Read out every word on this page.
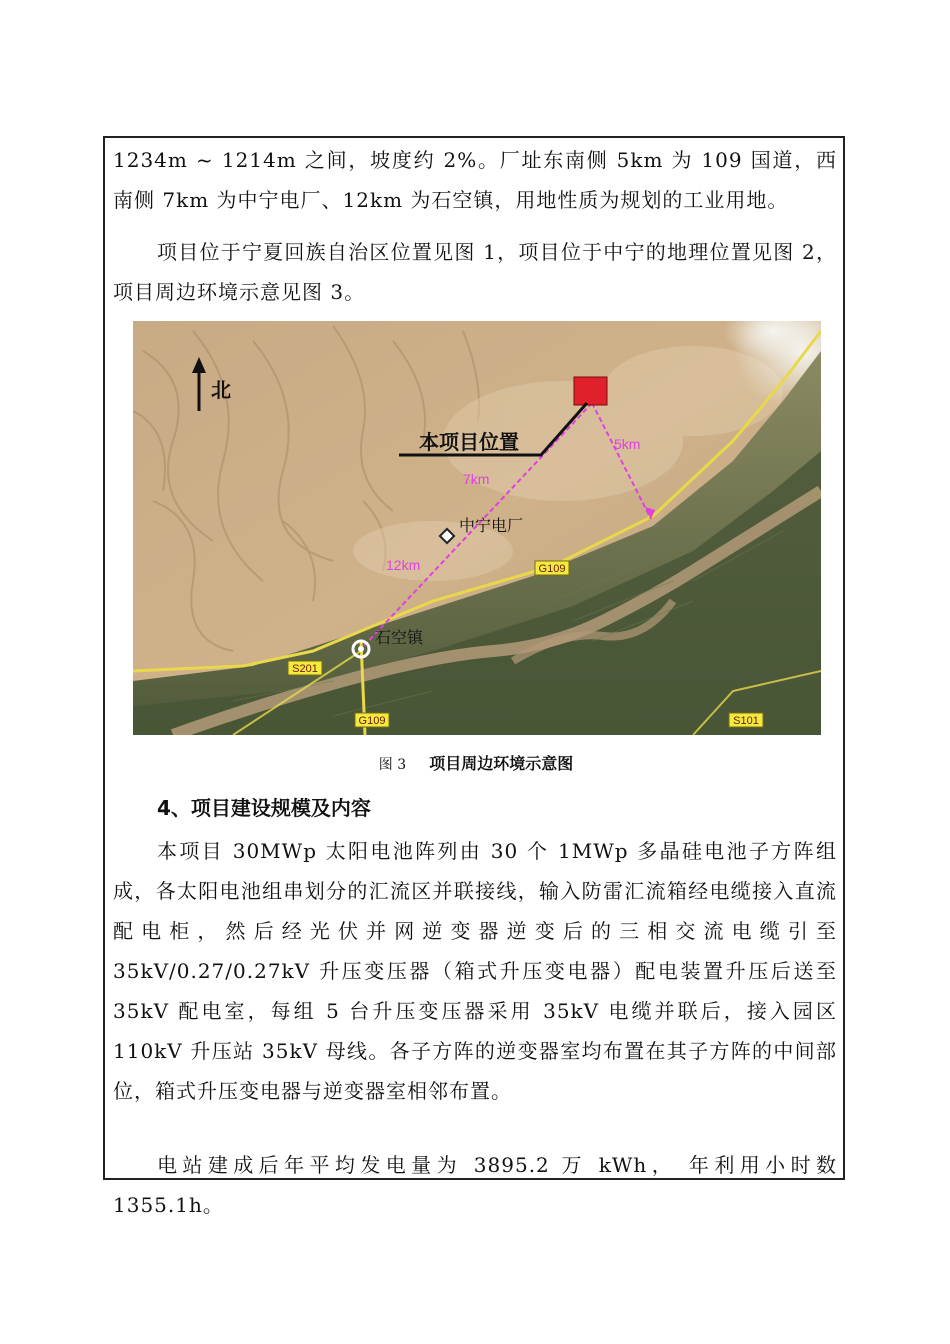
1234m ~ 1214m 之间，坡度约 2%。厂址东南侧 5km 为 109 国道，西南侧 7km 为中宁电厂、12km 为石空镇，用地性质为规划的工业用地。

项目位于宁夏回族自治区位置见图 1，项目位于中宁的地理位置见图 2，项目周边环境示意见图 3。

G109
S201
G109	S101
北
本项目位置
7km
5km
12km
中宁电厂
石空镇
图 3 项目周边环境示意图
4、项目建设规模及内容

本项目 30MWp 太阳电池阵列由 30 个 1MWp 多晶硅电池子方阵组成，各太阳电池组串划分的汇流区并联接线，输入防雷汇流箱经电缆接入直流配电柜，然后经光伏并网逆变器逆变后的三相交流电缆引至 35kV/0.27/0.27kV 升压变压器（箱式升压变电器）配电装置升压后送至 35kV 配电室，每组 5 台升压变压器采用 35kV 电缆并联后，接入园区 110kV 升压站 35kV 母线。各子方阵的逆变器室均布置在其子方阵的中间部位，箱式升压变电器与逆变器室相邻布置。

电站建成后年平均发电量为 3895.2 万 kWh， 年利用小时数 1355.1h。
